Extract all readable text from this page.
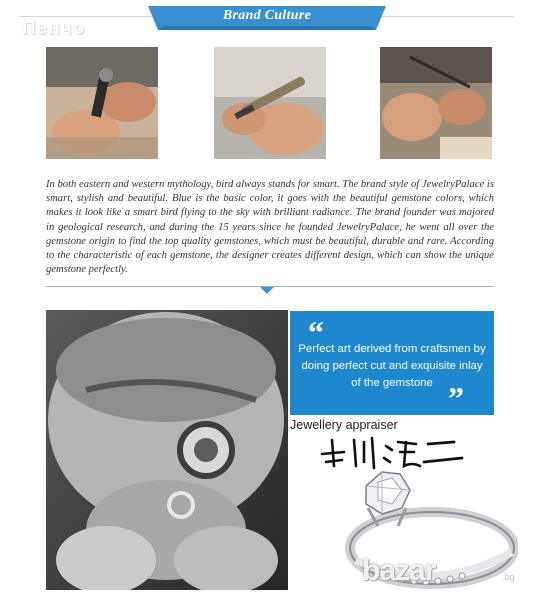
Brand Culture
Пенчо

In both eastern and western mythology, bird always stands for smart. The brand style of JewelryPalace is smart, stylish and beautiful. Blue is the basic color, it goes with the beautiful gemstone colors, which makes it look like a smart bird flying to the sky with brilliant radiance. The brand founder was majored in geological research, and during the 15 years since he founded JewelryPalace, he went all over the gemstone origin to find the top quality gemstones, which must be beautiful, durable and rare. According to the characteristic of each gemstone, the designer creates different design, which can show the unique gemstone perfectly.

“

Perfect art derived from craftsmen by doing perfect cut and exquisite inlay of the gemstone ”
Jewellery appraiser
bazar	.bg
